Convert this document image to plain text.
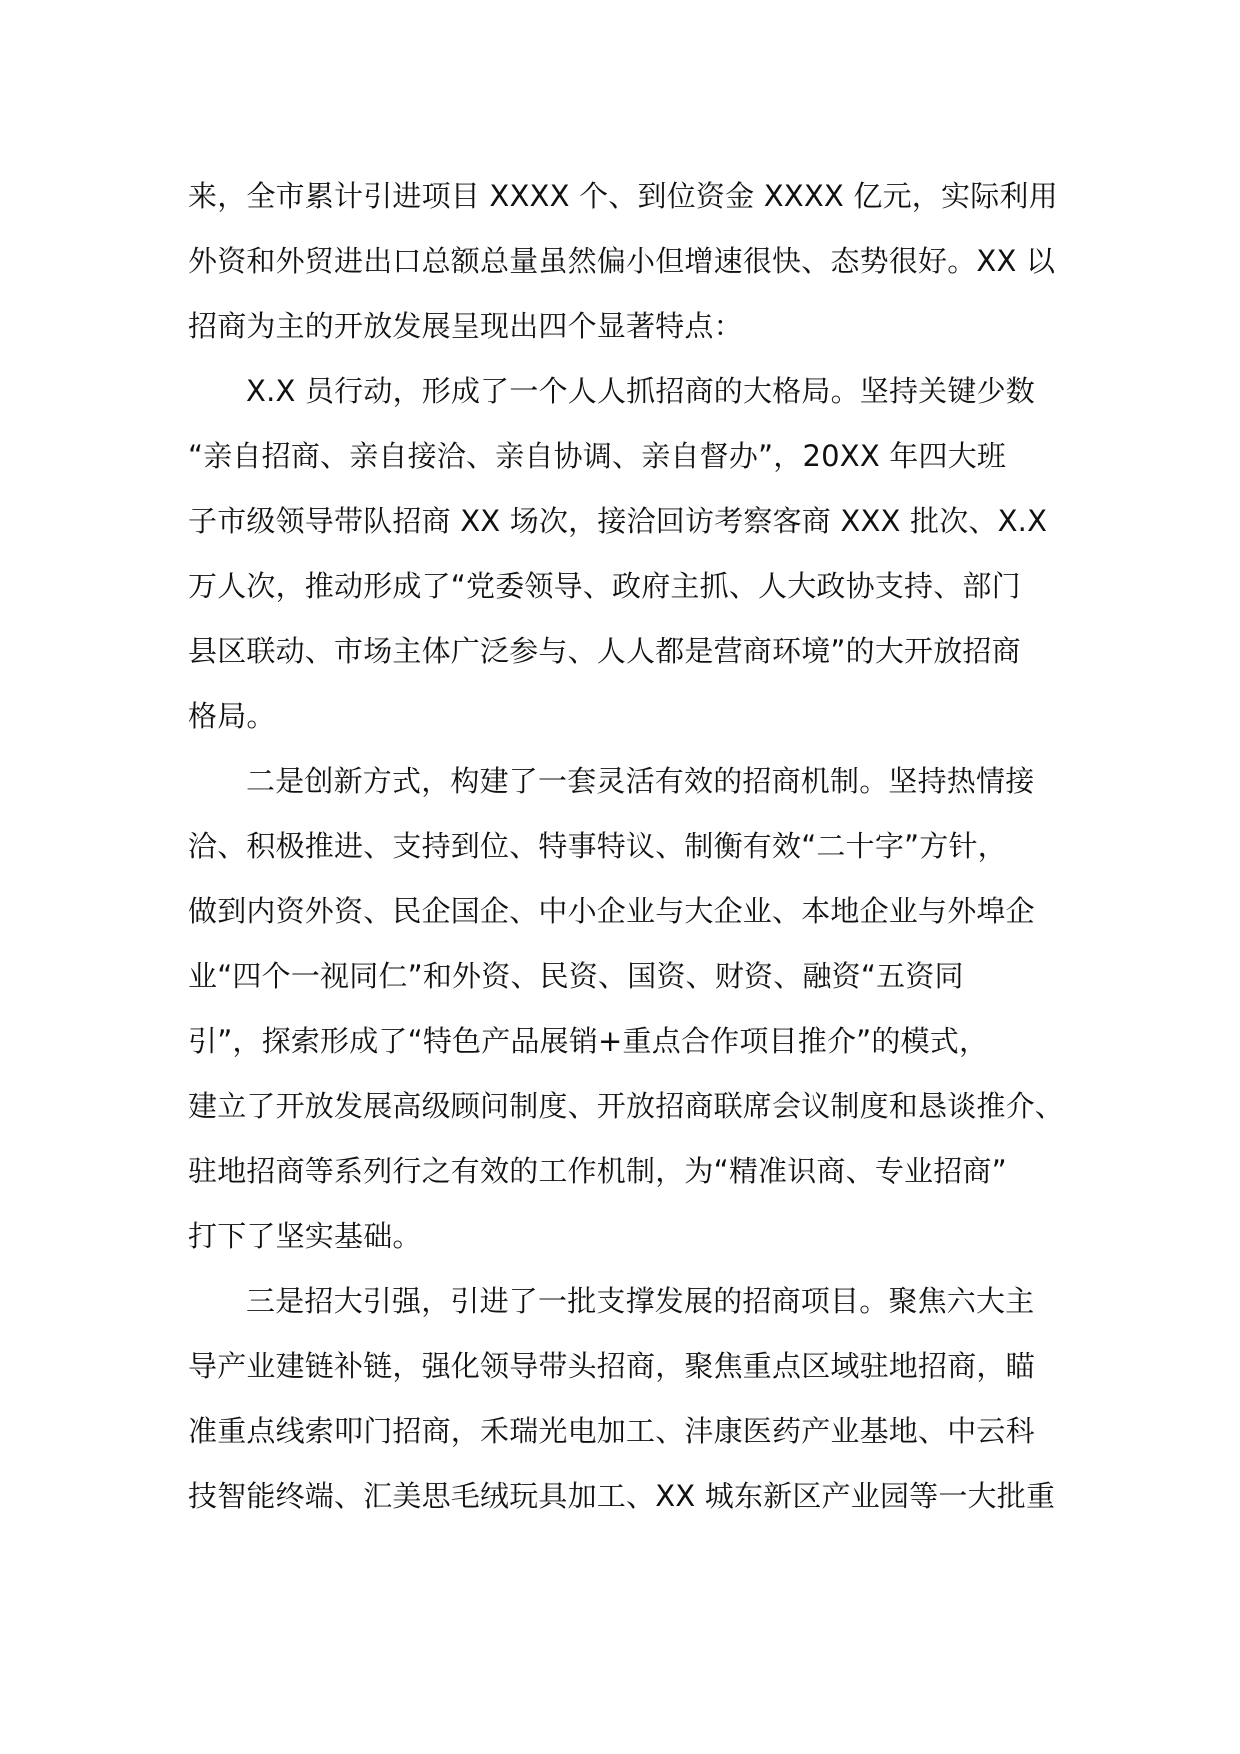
来，全市累计引进项目 XXXX 个、到位资金 XXXX 亿元，实际利用
外资和外贸进出口总额总量虽然偏小但增速很快、态势很好。XX 以
招商为主的开放发展呈现出四个显著特点：
X.X 员行动，形成了一个人人抓招商的大格局。坚持关键少数
“亲自招商、亲自接洽、亲自协调、亲自督办”，20XX 年四大班
子市级领导带队招商 XX 场次，接洽回访考察客商 XXX 批次、X.X
万人次，推动形成了“党委领导、政府主抓、人大政协支持、部门
县区联动、市场主体广泛参与、人人都是营商环境”的大开放招商
格局。
二是创新方式，构建了一套灵活有效的招商机制。坚持热情接
洽、积极推进、支持到位、特事特议、制衡有效“二十字”方针，
做到内资外资、民企国企、中小企业与大企业、本地企业与外埠企
业“四个一视同仁”和外资、民资、国资、财资、融资“五资同
引”，探索形成了“特色产品展销+重点合作项目推介”的模式，
建立了开放发展高级顾问制度、开放招商联席会议制度和恳谈推介、
驻地招商等系列行之有效的工作机制，为“精准识商、专业招商”
打下了坚实基础。
三是招大引强，引进了一批支撑发展的招商项目。聚焦六大主
导产业建链补链，强化领导带头招商，聚焦重点区域驻地招商，瞄
准重点线索叩门招商，禾瑞光电加工、沣康医药产业基地、中云科
技智能终端、汇美思毛绒玩具加工、XX 城东新区产业园等一大批重
